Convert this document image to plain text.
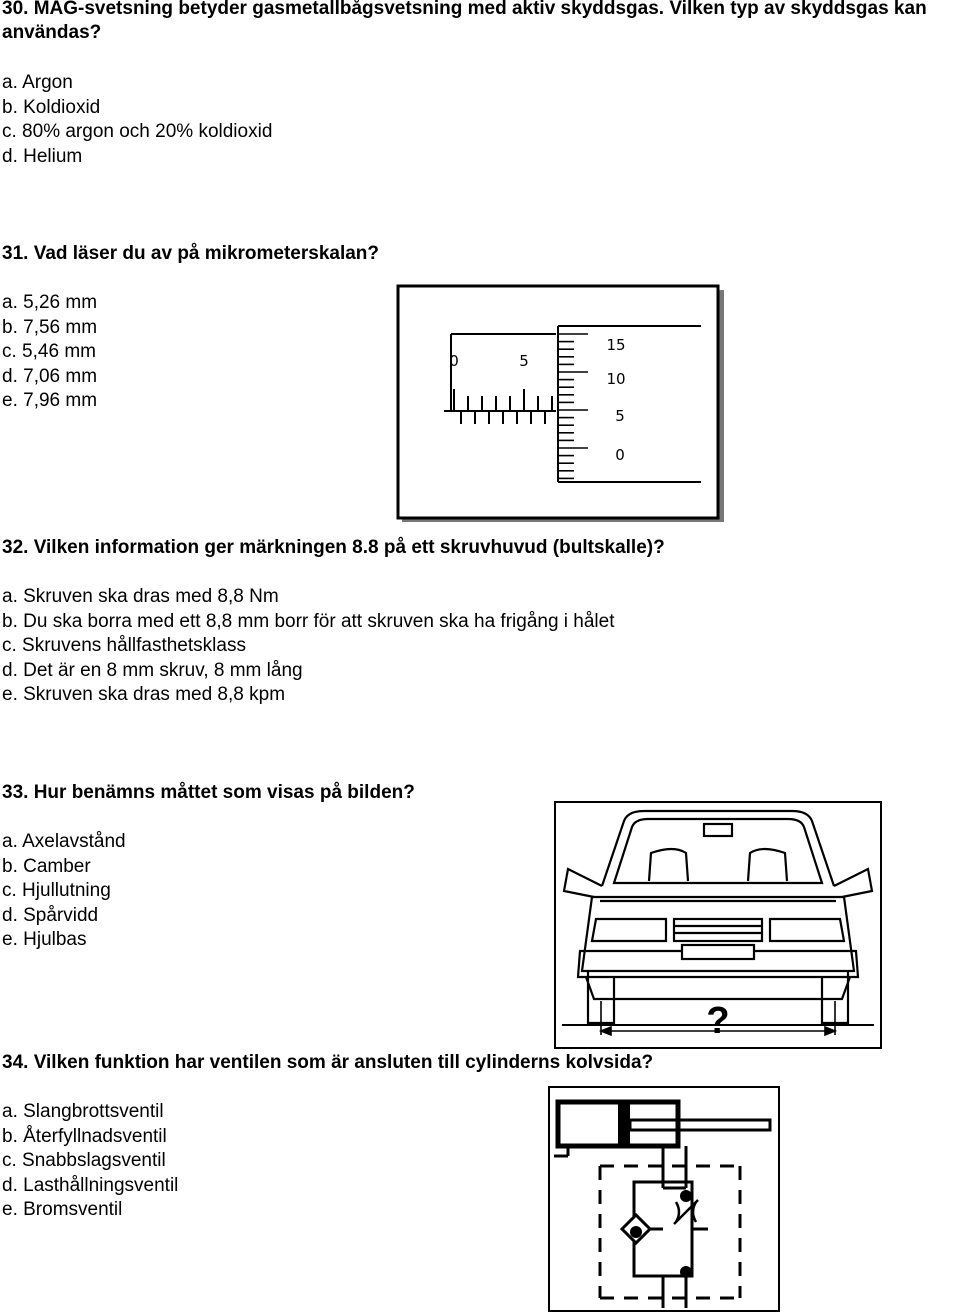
30. MAG-svetsning betyder gasmetallbågsvetsning med aktiv skyddsgas. Vilken typ av skyddsgas kan användas?

a. Argon
b. Koldioxid
c. 80% argon och 20% koldioxid
d. Helium

31. Vad läser du av på mikrometerskalan?

a. 5,26 mm
b. 7,56 mm
c. 5,46 mm
d. 7,06 mm
e. 7,96 mm
0	5
15
10
5
0

32. Vilken information ger märkningen 8.8 på ett skruvhuvud (bultskalle)?

a. Skruven ska dras med 8,8 Nm
b. Du ska borra med ett 8,8 mm borr för att skruven ska ha frigång i hålet
c. Skruvens hållfasthetsklass
d. Det är en 8 mm skruv, 8 mm lång
e. Skruven ska dras med 8,8 kpm

33. Hur benämns måttet som visas på bilden?

a. Axelavstånd
b. Camber
c. Hjullutning
d. Spårvidd
e. Hjulbas
?

34. Vilken funktion har ventilen som är ansluten till cylinderns kolvsida?

a. Slangbrottsventil
b. Återfyllnadsventil
c. Snabbslagsventil
d. Lasthållningsventil
e. Bromsventil
